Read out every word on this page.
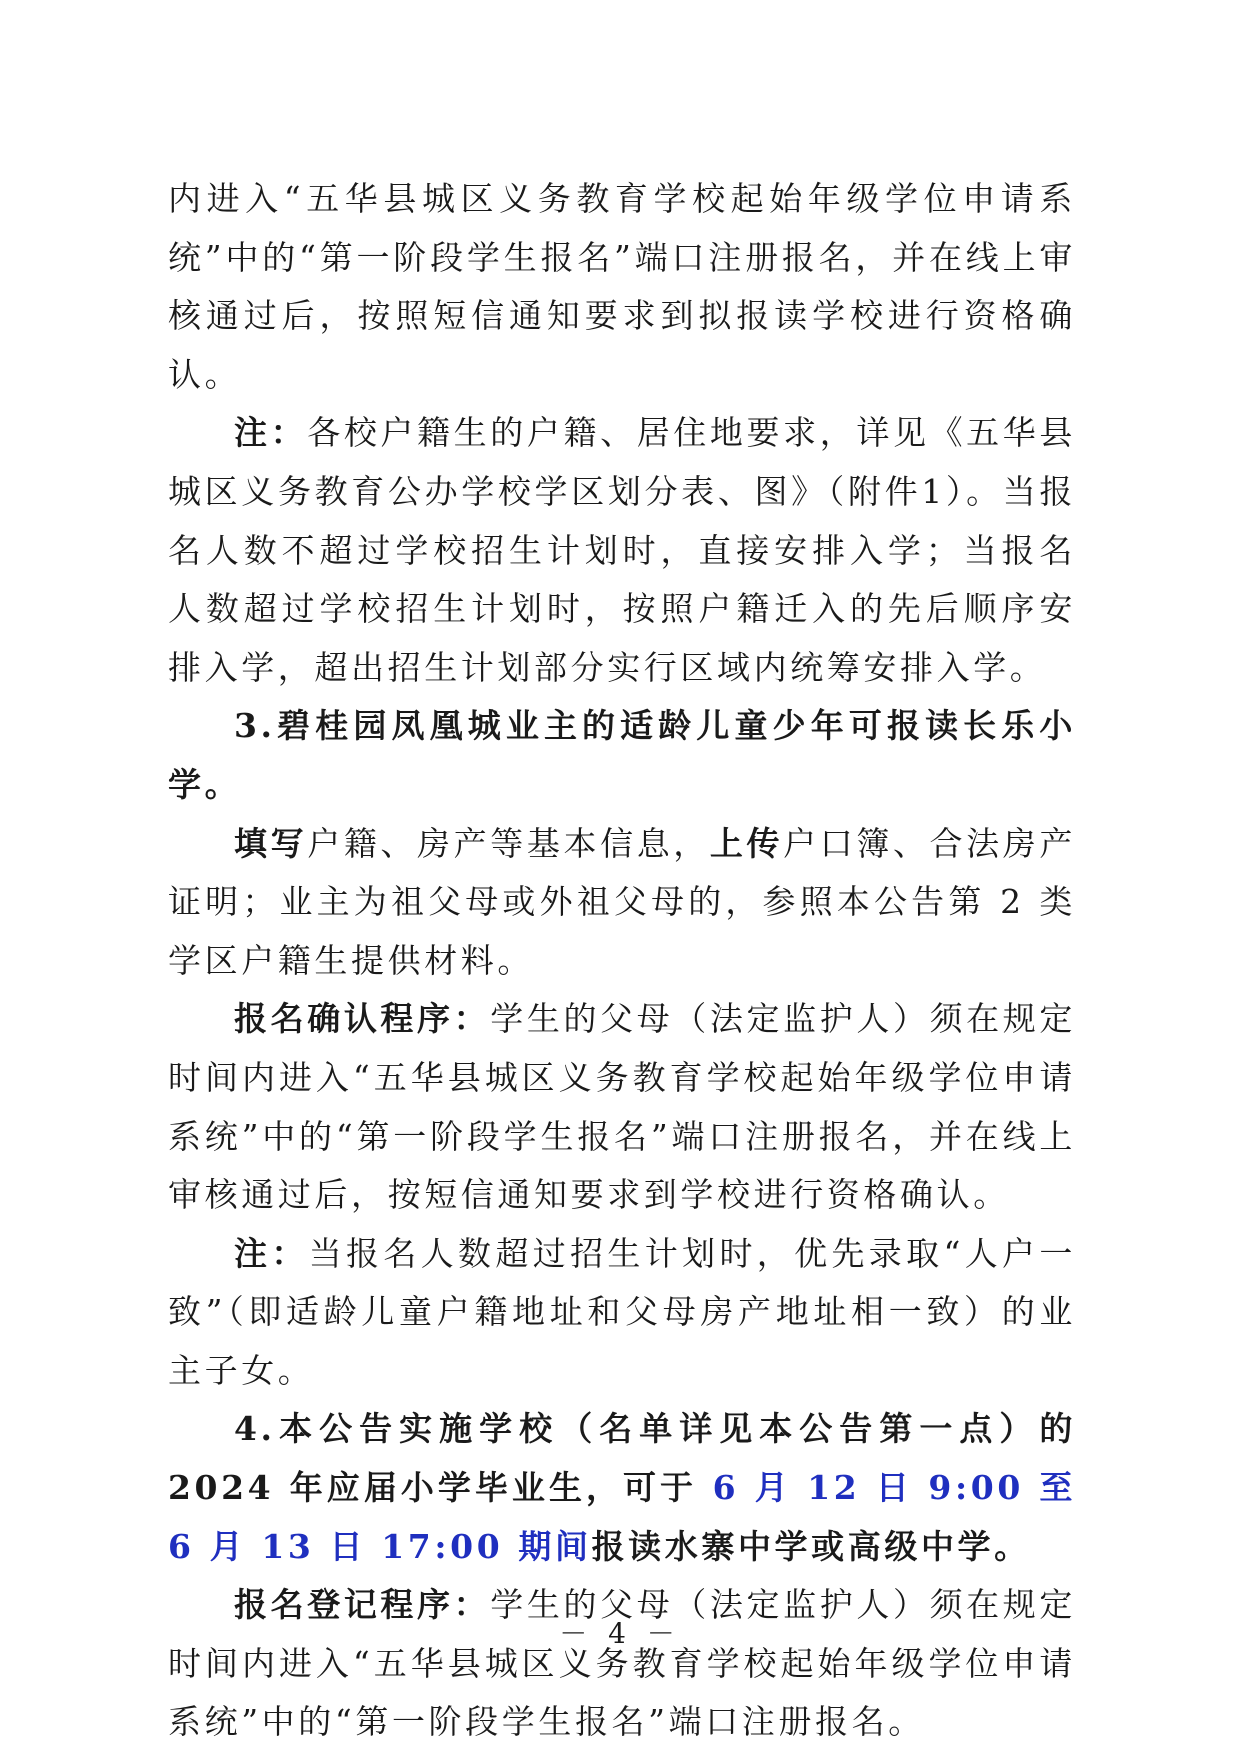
内进入“五华县城区义务教育学校起始年级学位申请系统”中的“第一阶段学生报名”端口注册报名，并在线上审核通过后，按照短信通知要求到拟报读学校进行资格确认。

注：各校户籍生的户籍、居住地要求，详见《五华县城区义务教育公办学校学区划分表、图》（附件1）。当报名人数不超过学校招生计划时，直接安排入学；当报名人数超过学校招生计划时，按照户籍迁入的先后顺序安排入学，超出招生计划部分实行区域内统筹安排入学。

3.碧桂园凤凰城业主的适龄儿童少年可报读长乐小学。

填写户籍、房产等基本信息，上传户口簿、合法房产证明；业主为祖父母或外祖父母的，参照本公告第 2 类学区户籍生提供材料。

报名确认程序：学生的父母（法定监护人）须在规定时间内进入“五华县城区义务教育学校起始年级学位申请系统”中的“第一阶段学生报名”端口注册报名，并在线上审核通过后，按短信通知要求到学校进行资格确认。

注：当报名人数超过招生计划时，优先录取“人户一致”（即适龄儿童户籍地址和父母房产地址相一致）的业主子女。

4.本公告实施学校（名单详见本公告第一点）的 2024 年应届小学毕业生，可于 6 月 12 日 9:00 至 6 月 13 日 17:00 期间报读水寨中学或高级中学。

报名登记程序：学生的父母（法定监护人）须在规定时间内进入“五华县城区义务教育学校起始年级学位申请系统”中的“第一阶段学生报名”端口注册报名。

－ 4 －
